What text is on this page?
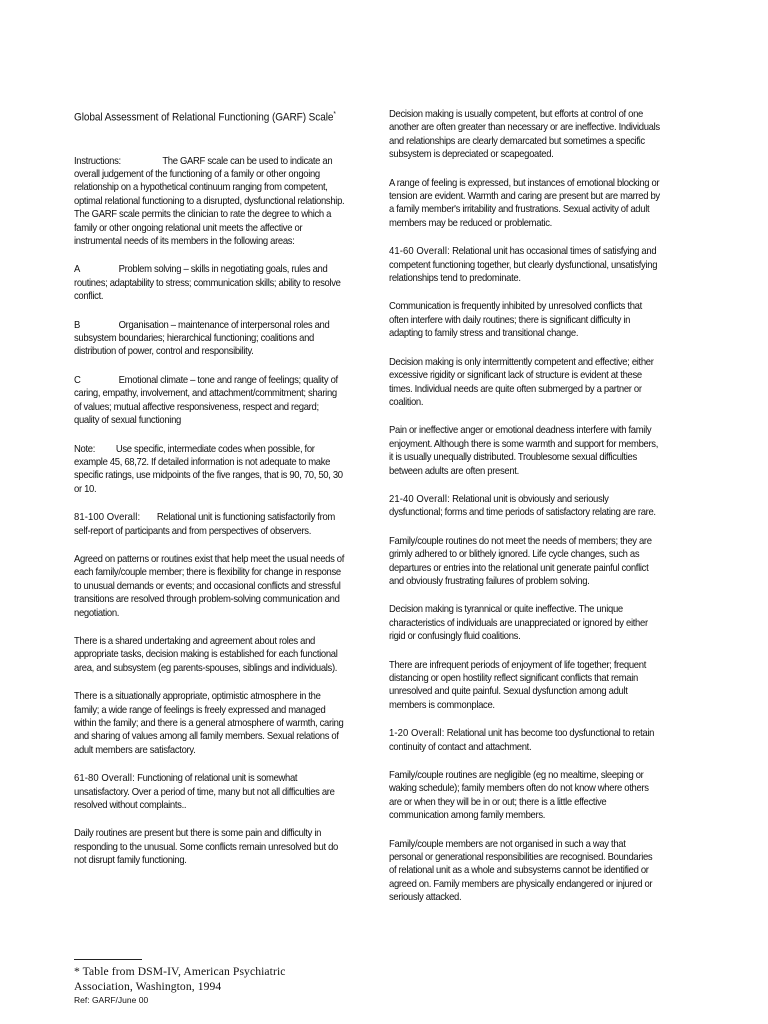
Global Assessment of Relational Functioning (GARF) Scale*
Instructions:	The GARF scale can be used to indicate an overall judgement of the functioning of a family or other ongoing relationship on a hypothetical continuum ranging from competent, optimal relational functioning to a disrupted, dysfunctional relationship. The GARF scale permits the clinician to rate the degree to which a family or other ongoing relational unit meets the affective or instrumental needs of its members in the following areas:
A	Problem solving – skills in negotiating goals, rules and routines; adaptability to stress; communication skills; ability to resolve conflict.
B	Organisation – maintenance of interpersonal roles and subsystem boundaries; hierarchical functioning; coalitions and distribution of power, control and responsibility.
C	Emotional climate – tone and range of feelings; quality of caring, empathy, involvement, and attachment/commitment; sharing of values; mutual affective responsiveness, respect and regard; quality of sexual functioning
Note: Use specific, intermediate codes when possible, for example 45, 68,72. If detailed information is not adequate to make specific ratings, use midpoints of the five ranges, that is 90, 70, 50, 30 or 10.
81-100 Overall: Relational unit is functioning satisfactorily from self-report of participants and from perspectives of observers.
Agreed on patterns or routines exist that help meet the usual needs of each family/couple member; there is flexibility for change in response to unusual demands or events; and occasional conflicts and stressful transitions are resolved through problem-solving communication and negotiation.
There is a shared undertaking and agreement about roles and appropriate tasks, decision making is established for each functional area, and subsystem (eg parents-spouses, siblings and individuals).
There is a situationally appropriate, optimistic atmosphere in the family; a wide range of feelings is freely expressed and managed within the family; and there is a general atmosphere of warmth, caring and sharing of values among all family members. Sexual relations of adult members are satisfactory.
61-80 Overall: Functioning of relational unit is somewhat unsatisfactory. Over a period of time, many but not all difficulties are resolved without complaints..
Daily routines are present but there is some pain and difficulty in responding to the unusual. Some conflicts remain unresolved but do not disrupt family functioning.
Decision making is usually competent, but efforts at control of one another are often greater than necessary or are ineffective. Individuals and relationships are clearly demarcated but sometimes a specific subsystem is depreciated or scapegoated.
A range of feeling is expressed, but instances of emotional blocking or tension are evident. Warmth and caring are present but are marred by a family member's irritability and frustrations. Sexual activity of adult members may be reduced or problematic.
41-60 Overall: Relational unit has occasional times of satisfying and competent functioning together, but clearly dysfunctional, unsatisfying relationships tend to predominate.
Communication is frequently inhibited by unresolved conflicts that often interfere with daily routines; there is significant difficulty in adapting to family stress and transitional change.
Decision making is only intermittently competent and effective; either excessive rigidity or significant lack of structure is evident at these times. Individual needs are quite often submerged by a partner or coalition.
Pain or ineffective anger or emotional deadness interfere with family enjoyment. Although there is some warmth and support for members, it is usually unequally distributed. Troublesome sexual difficulties between adults are often present.
21-40 Overall: Relational unit is obviously and seriously dysfunctional; forms and time periods of satisfactory relating are rare.
Family/couple routines do not meet the needs of members; they are grimly adhered to or blithely ignored. Life cycle changes, such as departures or entries into the relational unit generate painful conflict and obviously frustrating failures of problem solving.
Decision making is tyrannical or quite ineffective. The unique characteristics of individuals are unappreciated or ignored by either rigid or confusingly fluid coalitions.
There are infrequent periods of enjoyment of life together; frequent distancing or open hostility reflect significant conflicts that remain unresolved and quite painful. Sexual dysfunction among adult members is commonplace.
1-20 Overall: Relational unit has become too dysfunctional to retain continuity of contact and attachment.
Family/couple routines are negligible (eg no mealtime, sleeping or waking schedule); family members often do not know where others are or when they will be in or out; there is a little effective communication among family members.
Family/couple members are not organised in such a way that personal or generational responsibilities are recognised. Boundaries of relational unit as a whole and subsystems cannot be identified or agreed on. Family members are physically endangered or injured or seriously attacked.
* Table from DSM-IV, American Psychiatric
Association, Washington, 1994
Ref: GARF/June 00
